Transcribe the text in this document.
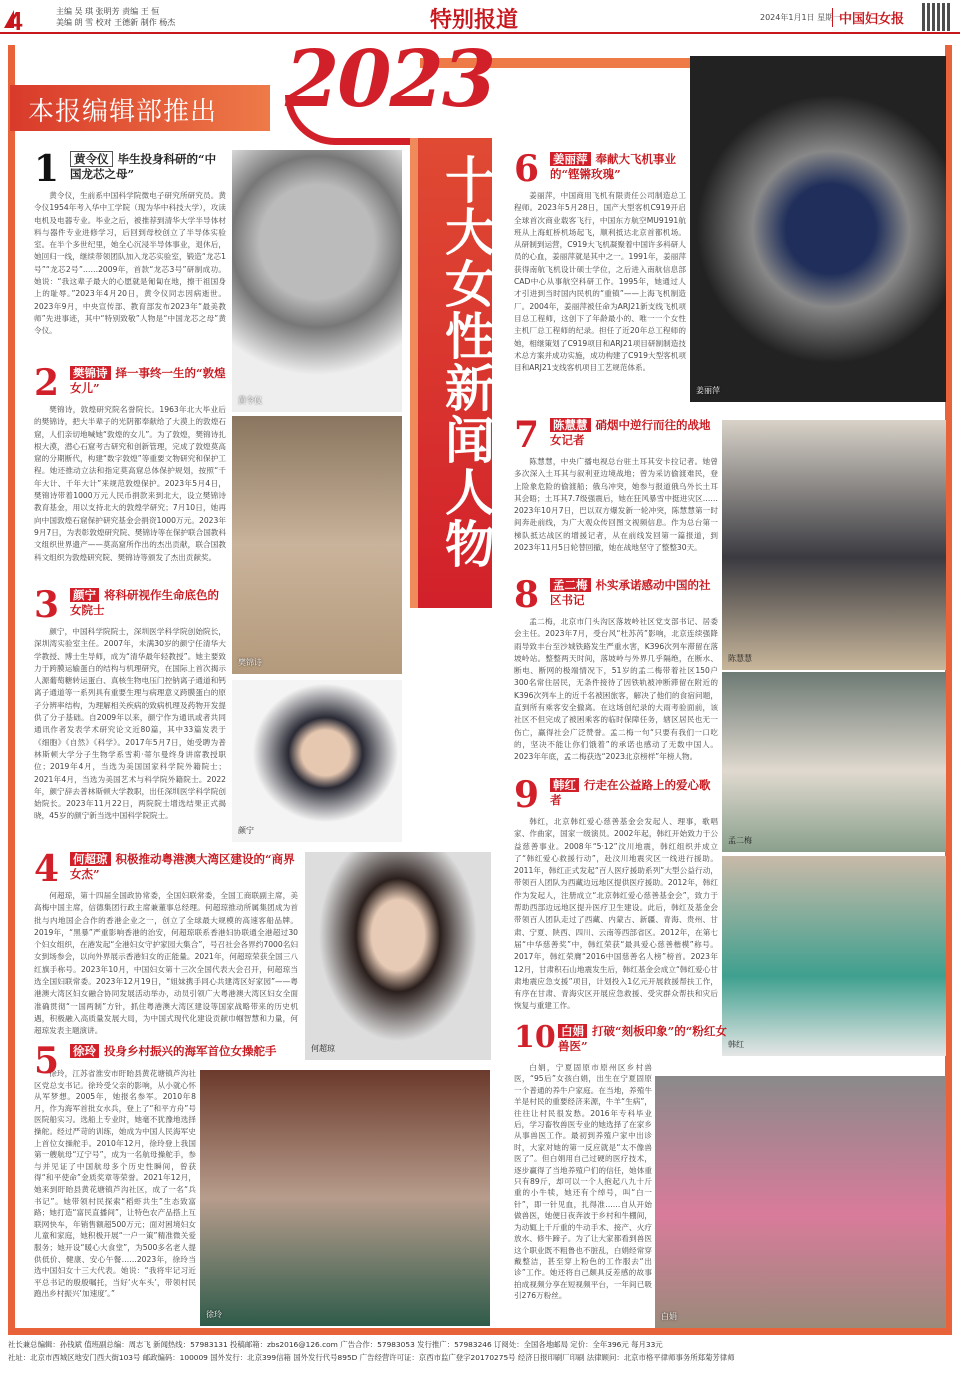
4	主编 吴 琪 张明芳 责编 王 恒
美编 朗 雪 校对 王德新 制作 杨杰	特别报道	2024年1月1日 星期一
中国妇女报
本报编辑部推出 2023
十大女性新闻人物
黄令仪
樊锦诗
颜宁
何超琼
徐玲
姜丽萍
陈慧慧
孟二梅
韩红
白娟
1	黄令仪 毕生投身科研的“中国龙芯之母”

黄令仪，生前系中国科学院微电子研究所研究员。黄令仪1954年考入华中工学院（现为华中科技大学），攻读电机及电器专业。毕业之后，被推荐到清华大学半导体材料与器件专业进修学习，后回到母校创立了半导体实验室。在半个多世纪里，她全心沉浸半导体事业，退休后，她回归一线，继续带领团队加入龙芯实验室，锻造“龙芯1号”“龙芯2号”……2009年，首款“龙芯3号”研制成功。她说：“我这辈子最大的心愿就是匍匐在地，擦干祖国身上的耻辱。”2023年4月20日，黄令仪同志因病逝世。2023年9月，中央宣传部、教育部发布2023年“最美教师”先进事迹，其中“特别致敬”人物是“中国龙芯之母”黄令仪。

2 樊锦诗 择一事终一生的“敦煌女儿”

樊锦诗，敦煌研究院名誉院长。1963年北大毕业后的樊锦诗，把大半辈子的光阴都奉献给了大漠上的敦煌石窟，人们亲切地喊她“敦煌的女儿”。为了敦煌，樊锦诗扎根大漠，潜心石窟考古研究和创新管理，完成了敦煌莫高窟的分期断代，构建“数字敦煌”等重要文物研究和保护工程。她还推动立法和指定莫高窟总体保护规划，按照“千年大计、千年大计”来规范敦煌保护。2023年5月4日，樊锦诗带着1000万元人民币捐款来到北大，设立樊锦诗教育基金，用以支持北大的敦煌学研究；7月10日，她再向中国敦煌石窟保护研究基金会捐资1000万元。2023年9月7日，为表彰敦煌研究院、樊锦诗等在保护联合国教科文组织世界遗产——莫高窟所作出的杰出贡献，联合国教科文组织为敦煌研究院、樊锦诗等颁发了杰出贡献奖。

3 颜宁 将科研视作生命底色的女院士

颜宁，中国科学院院士，深圳医学科学院创始院长，深圳湾实验室主任。2007年，未满30岁的颜宁任清华大学教授、博士生导师，成为“清华最年轻教授”。她主要致力于跨膜运输蛋白的结构与机理研究，在国际上首次揭示人源葡萄糖转运蛋白、真核生物电压门控钠离子通道和钙离子通道等一系列具有重要生理与病理意义跨膜蛋白的原子分辨率结构，为理解相关疾病的致病机理及药物开发提供了分子基础。自2009年以来，颜宁作为通讯或者共同通讯作者发表学术研究论文近80篇，其中33篇发表于《细胞》《自然》《科学》。2017年5月7日，她受聘为普林斯顿大学分子生物学系雪莉·蒂尔曼终身讲席教授职位；2019年4月，当选为美国国家科学院外籍院士；2021年4月，当选为美国艺术与科学院外籍院士。2022年，颜宁辞去普林斯顿大学教职，出任深圳医学科学院创始院长。2023年11月22日，两院院士增选结果正式揭晓，45岁的颜宁新当选中国科学院院士。

4 何超琼 积极推动粤港澳大湾区建设的“商界女杰”

何超琼，第十四届全国政协常委，全国妇联常委，全国工商联副主席，美高梅中国主席，信德集团行政主席兼董事总经理。何超琼推动所属集团成为首批与内地国企合作的香港企业之一，创立了全球最大规模的高速客船品牌。2019年，“黑暴”严重影响香港的治安，何超琼联系香港妇协联通全港超过30个妇女组织，在港发起“全港妇女守护家园大集合”，号召社会各界约7000名妇女到场参会，以向外界展示香港妇女的正能量。2021年，何超琼荣获全国三八红旗手称号。2023年10月，中国妇女第十三次全国代表大会召开，何超琼当选全国妇联常委。2023年12月19日，“姐妹携手同心共建湾区好家园”——粤港澳大湾区妇女融合协同发展活动举办，动员引领广大粤港澳大湾区妇女全面准确贯彻“一国两制”方针，抓住粤港澳大湾区建设等国家战略带来的历史机遇，积极融入高质量发展大局，为中国式现代化建设贡献巾帼智慧和力量，何超琼发表主题演讲。

5 徐玲 投身乡村振兴的海军首位女操舵手

徐玲，江苏省淮安市盱眙县黄花塘镇芦沟社区党总支书记。徐玲受父亲的影响，从小就心怀从军梦想。2005年，她报名参军。2010年8月，作为海军首批女水兵，登上了“和平方舟”号医院船实习。选船上专业时，她毫不犹豫地选择操舵。经过严苛的训练，她成为中国人民海军史上首位女操舵手。2010年12月，徐玲登上我国第一艘航母“辽宁号”，成为一名航母操舵手，参与并见证了中国航母多个历史性瞬间，曾获得“和平使命”金质奖章等荣誉。2021年12月，她来到盱眙县黄花塘镇芦沟社区，成了一名“兵书记”。她带领村民探索“稻虾共生”生态致富路；她打造“富民直播间”，让特色农产品搭上互联网快车，年销售额超500万元；面对困境妇女儿童和家庭，她积极开展“一户一策”精准微关爱服务；她开设“暖心大食堂”，为500多名老人提供低价、健康、安心午餐……2023年，徐玲当选中国妇女十三大代表。她说：“我将牢记习近平总书记的殷殷嘱托，当好‘火车头’，带领村民跑出乡村振兴‘加速度’。”

6 姜丽萍 奉献大飞机事业的“铿锵玫瑰”

姜丽萍，中国商用飞机有限责任公司制造总工程师。2023年5月28日，国产大型客机C919开启全球首次商业载客飞行，中国东方航空MU9191航班从上海虹桥机场起飞，顺利抵达北京首都机场。从研制到运营，C919大飞机凝聚着中国许多科研人员的心血，姜丽萍就是其中之一。1991年，姜丽萍获得南航飞机设计硕士学位，之后进入南航信息部CAD中心从事航空科研工作。1995年，她通过人才引进到当时国内民机的“重镇”——上海飞机制造厂。2004年，姜丽萍被任命为ARJ21新支线飞机项目总工程师，这创下了年龄最小的、唯一一个女性主机厂总工程师的纪录。担任了近20年总工程师的她，相继策划了C919项目和ARJ21项目研制制造技术总方案并成功实施，成功构建了C919大型客机项目和ARJ21支线客机项目工艺规范体系。

7 陈慧慧 硝烟中逆行而往的战地女记者

陈慧慧，中央广播电视总台驻土耳其安卡拉记者。她曾多次深入土耳其与叙利亚边境战地；曾为采访偷渡难民，登上险象危险的偷渡船；俄乌冲突，她参与报道俄乌外长土耳其会晤；土耳其7.7级强震后，她在狂风暴雪中挺进灾区……2023年10月7日，巴以双方爆发新一轮冲突，陈慧慧第一时间奔赴前线，为广大观众传回图文视频信息。作为总台第一梯队抵达战区的增援记者，从在前线发回第一篇报道，到2023年11月5日轮替回撤，她在战地坚守了整整30天。

8 孟二梅 朴实承诺感动中国的社区书记

孟二梅，北京市门头沟区落坡岭社区党支部书记、居委会主任。2023年7月，受台风“杜苏芮”影响，北京连续强降雨导致丰台至沙城铁路发生严重水害，K396次列车滞留在落坡岭站。整整两天时间，落坡岭与外界几乎隔绝，在断水、断电、断网的极端情况下，51岁的孟二梅带着社区150户300名常住居民，无条件接待了因铁轨被冲断滞留在附近的K396次列车上的近千名被困旅客，解决了他们的食宿问题，直到所有乘客安全撤离。在这场创纪录的大雨考验面前，该社区不但完成了被困乘客的临时保障任务，辖区居民也无一伤亡，赢得社会广泛赞誉。孟二梅一句“只要有我们一口吃的，坚决不能让你们饿着”的承诺也感动了无数中国人。2023年年底，孟二梅获选“2023北京榜样”年榜人物。

9 韩红 行走在公益路上的爱心歌者

韩红，北京韩红爱心慈善基金会发起人、理事，歌唱家、作曲家，国家一级演员。2002年起，韩红开始致力于公益慈善事业。2008年“5·12”汶川地震，韩红组织并成立了“韩红爱心救援行动”，赴汶川地震灾区一线进行援助。2011年，韩红正式发起“百人医疗援助系列”大型公益行动，带领百人团队为西藏边远地区提供医疗援助。2012年，韩红作为发起人，注册成立“北京韩红爱心慈善基金会”，致力于帮助西部边远地区提升医疗卫生建设。此后，韩红及基金会带领百人团队走过了西藏、内蒙古、新疆、青海、贵州、甘肃、宁夏、陕西、四川、云南等西部省区。2012年，在第七届“中华慈善奖”中，韩红荣获“最具爱心慈善楷模”称号。2017年，韩红荣膺“2016中国慈善名人榜”榜首。2023年12月，甘肃积石山地震发生后，韩红基金会成立“韩红爱心甘肃地震应急支援”项目，计划投入1亿元开展救援帮扶工作，有序在甘肃、青海灾区开展应急救援、受灾群众帮扶和灾后恢复与重建工作。

10 白娟 打破“刻板印象”的“粉红女兽医”

白娟，宁夏固原市原州区乡村兽医，“95后”女孩白娟，出生在宁夏固原一个普通的养牛户家庭。在当地，养殖牛羊是村民的重要经济来源，牛羊“生病”，往往让村民很发愁。2016年专科毕业后，学习畜牧兽医专业的她选择了在家乡从事兽医工作。最初到养殖户家中出诊时，大家对她的第一反应就是“太不像兽医了”。但白娟用自己过硬的医疗技术，逐步赢得了当地养殖户们的信任，她体重只有89斤，却可以一个人抱起八九十斤重的小牛犊，她还有个绰号，叫“白一针”，即一针见血，扎得准……自从开始做兽医，她便日夜奔波于乡村和牛棚间，为动辄上千斤重的牛动手术、接产、火疗放水、修牛蹄子。为了让大家都看到兽医这个职业既不粗鲁也不脏乱，白娟经常穿戴整洁，甚至穿上粉色的工作服去“出诊”工作。她还将自己颇具反差感的故事拍成视频分享在短视频平台，一年间已吸引276万粉丝。

社长兼总编辑：孙钱斌 值班副总编：周志飞 新闻热线：57983131 投稿邮箱：zbs2016@126.com 广告合作：57983053 发行推广：57983246 订阅处：全国各地邮局 定价：全年396元 每月33元
社址：北京市西城区地安门西大街103号 邮政编码：100009 国外发行：北京399信箱 国外发行代号895D 广告经营许可证：京西市监广登字20170275号 经济日报印刷厂印刷 法律顾问：北京市格平律师事务所郑菊芳律师
